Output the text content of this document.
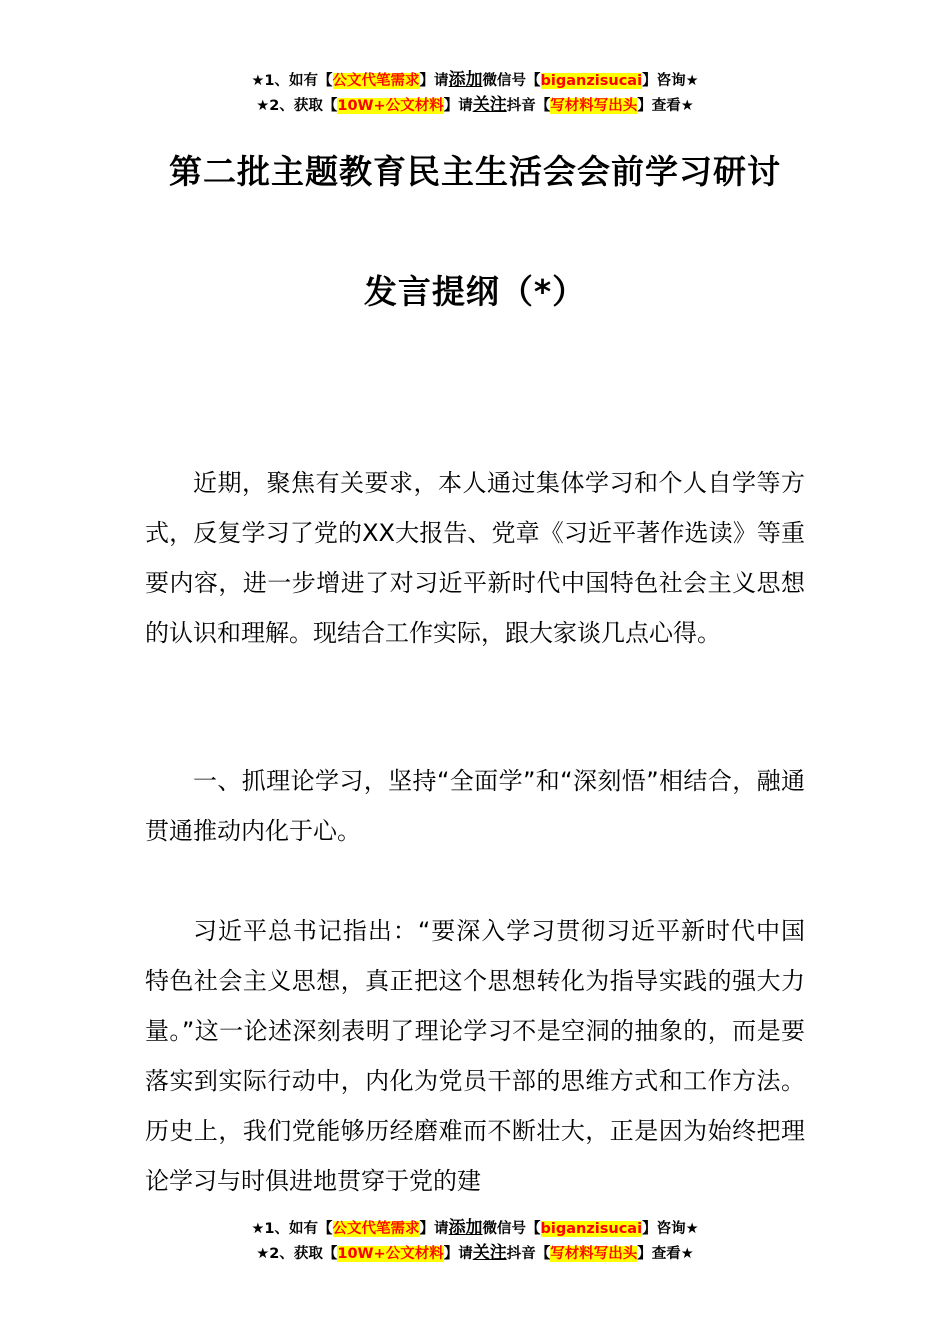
★1、如有【公文代笔需求】请添加微信号【biganzisucai】咨询★
★2、获取【10W+公文材料】请关注抖音【写材料写出头】查看★
第二批主题教育民主生活会会前学习研讨
发言提纲（*）

近期，聚焦有关要求，本人通过集体学习和个人自学等方式，反复学习了党的XX大报告、党章《习近平著作选读》等重要内容，进一步增进了对习近平新时代中国特色社会主义思想的认识和理解。现结合工作实际，跟大家谈几点心得。

一、抓理论学习，坚持“全面学”和“深刻悟”相结合，融通贯通推动内化于心。

习近平总书记指出：“要深入学习贯彻习近平新时代中国特色社会主义思想，真正把这个思想转化为指导实践的强大力量。”这一论述深刻表明了理论学习不是空洞的抽象的，而是要落实到实际行动中，内化为党员干部的思维方式和工作方法。历史上，我们党能够历经磨难而不断壮大，正是因为始终把理论学习与时俱进地贯穿于党的建

★1、如有【公文代笔需求】请添加微信号【biganzisucai】咨询★
★2、获取【10W+公文材料】请关注抖音【写材料写出头】查看★
